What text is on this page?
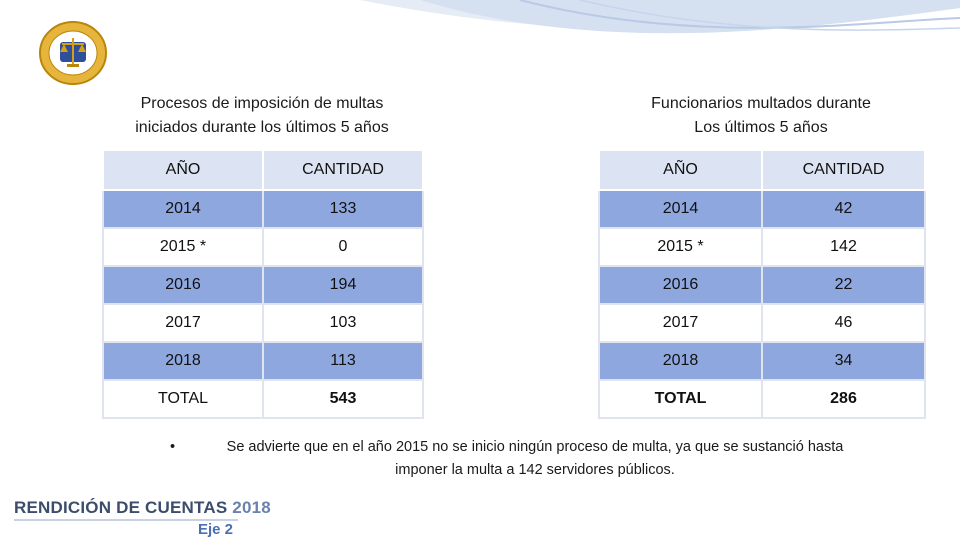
Procesos de imposición de multas
iniciados durante los últimos 5 años
Funcionarios multados durante
Los últimos 5 años
AÑO	CANTIDAD
2014	133
2015 *	0
2016	194
2017	103
2018	113
TOTAL	543
AÑO	CANTIDAD
2014	42
2015 *	142
2016	22
2017	46
2018	34
TOTAL	286
•	Se advierte que en el año 2015 no se inicio ningún proceso de multa, ya que se sustanció hasta imponer la multa a 142 servidores públicos.
RENDICIÓN DE CUENTAS 2018
Eje 2
